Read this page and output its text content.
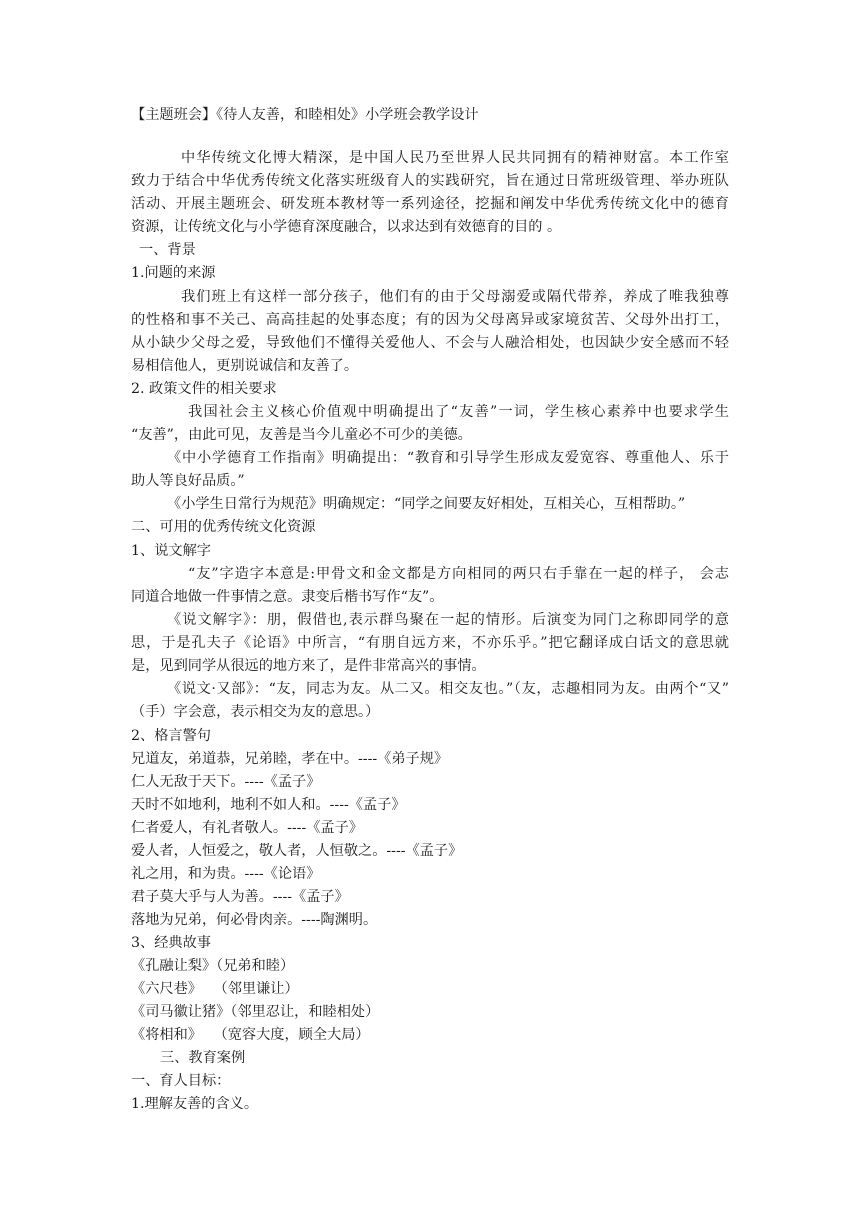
【主题班会】《待人友善，和睦相处》小学班会教学设计
中华传统文化博大精深，是中国人民乃至世界人民共同拥有的精神财富。本工作室
致力于结合中华优秀传统文化落实班级育人的实践研究，旨在通过日常班级管理、举办班队
活动、开展主题班会、研发班本教材等一系列途径，挖掘和阐发中华优秀传统文化中的德育
资源，让传统文化与小学德育深度融合，以求达到有效德育的目的 。
一、背景
1.问题的来源
我们班上有这样一部分孩子，他们有的由于父母溺爱或隔代带养，养成了唯我独尊
的性格和事不关己、高高挂起的处事态度；有的因为父母离异或家境贫苦、父母外出打工，
从小缺少父母之爱，导致他们不懂得关爱他人、不会与人融洽相处，也因缺少安全感而不轻
易相信他人，更别说诚信和友善了。
2. 政策文件的相关要求
我国社会主义核心价值观中明确提出了“友善”一词，学生核心素养中也要求学生
“友善”，由此可见，友善是当今儿童必不可少的美德。
《中小学德育工作指南》明确提出：“教育和引导学生形成友爱宽容、尊重他人、乐于
助人等良好品质。”
《小学生日常行为规范》明确规定：“同学之间要友好相处，互相关心，互相帮助。”
二、可用的优秀传统文化资源
1、说文解字
“友”字造字本意是:甲骨文和金文都是方向相同的两只右手靠在一起的样子， 会志
同道合地做一件事情之意。隶变后楷书写作“友”。
《说文解字》：朋，假借也,表示群鸟聚在一起的情形。后演变为同门之称即同学的意
思，于是孔夫子《论语》中所言，“有朋自远方来，不亦乐乎。”把它翻译成白话文的意思就
是，见到同学从很远的地方来了，是件非常高兴的事情。
《说文·又部》：“友，同志为友。从二又。相交友也。”（友，志趣相同为友。由两个“又”
（手）字会意，表示相交为友的意思。）
2、格言警句
兄道友，弟道恭，兄弟睦，孝在中。----《弟子规》
仁人无敌于天下。----《孟子》
天时不如地利，地利不如人和。----《孟子》
仁者爱人，有礼者敬人。----《孟子》
爱人者，人恒爱之，敬人者，人恒敬之。----《孟子》
礼之用，和为贵。----《论语》
君子莫大乎与人为善。----《孟子》
落地为兄弟，何必骨肉亲。----陶渊明。
3、经典故事
《孔融让梨》（兄弟和睦）
《六尺巷》　 （邻里谦让）
《司马徽让猪》（邻里忍让，和睦相处）
《将相和》　 （宽容大度，顾全大局）
三、教育案例
一、育人目标：
1.理解友善的含义。
